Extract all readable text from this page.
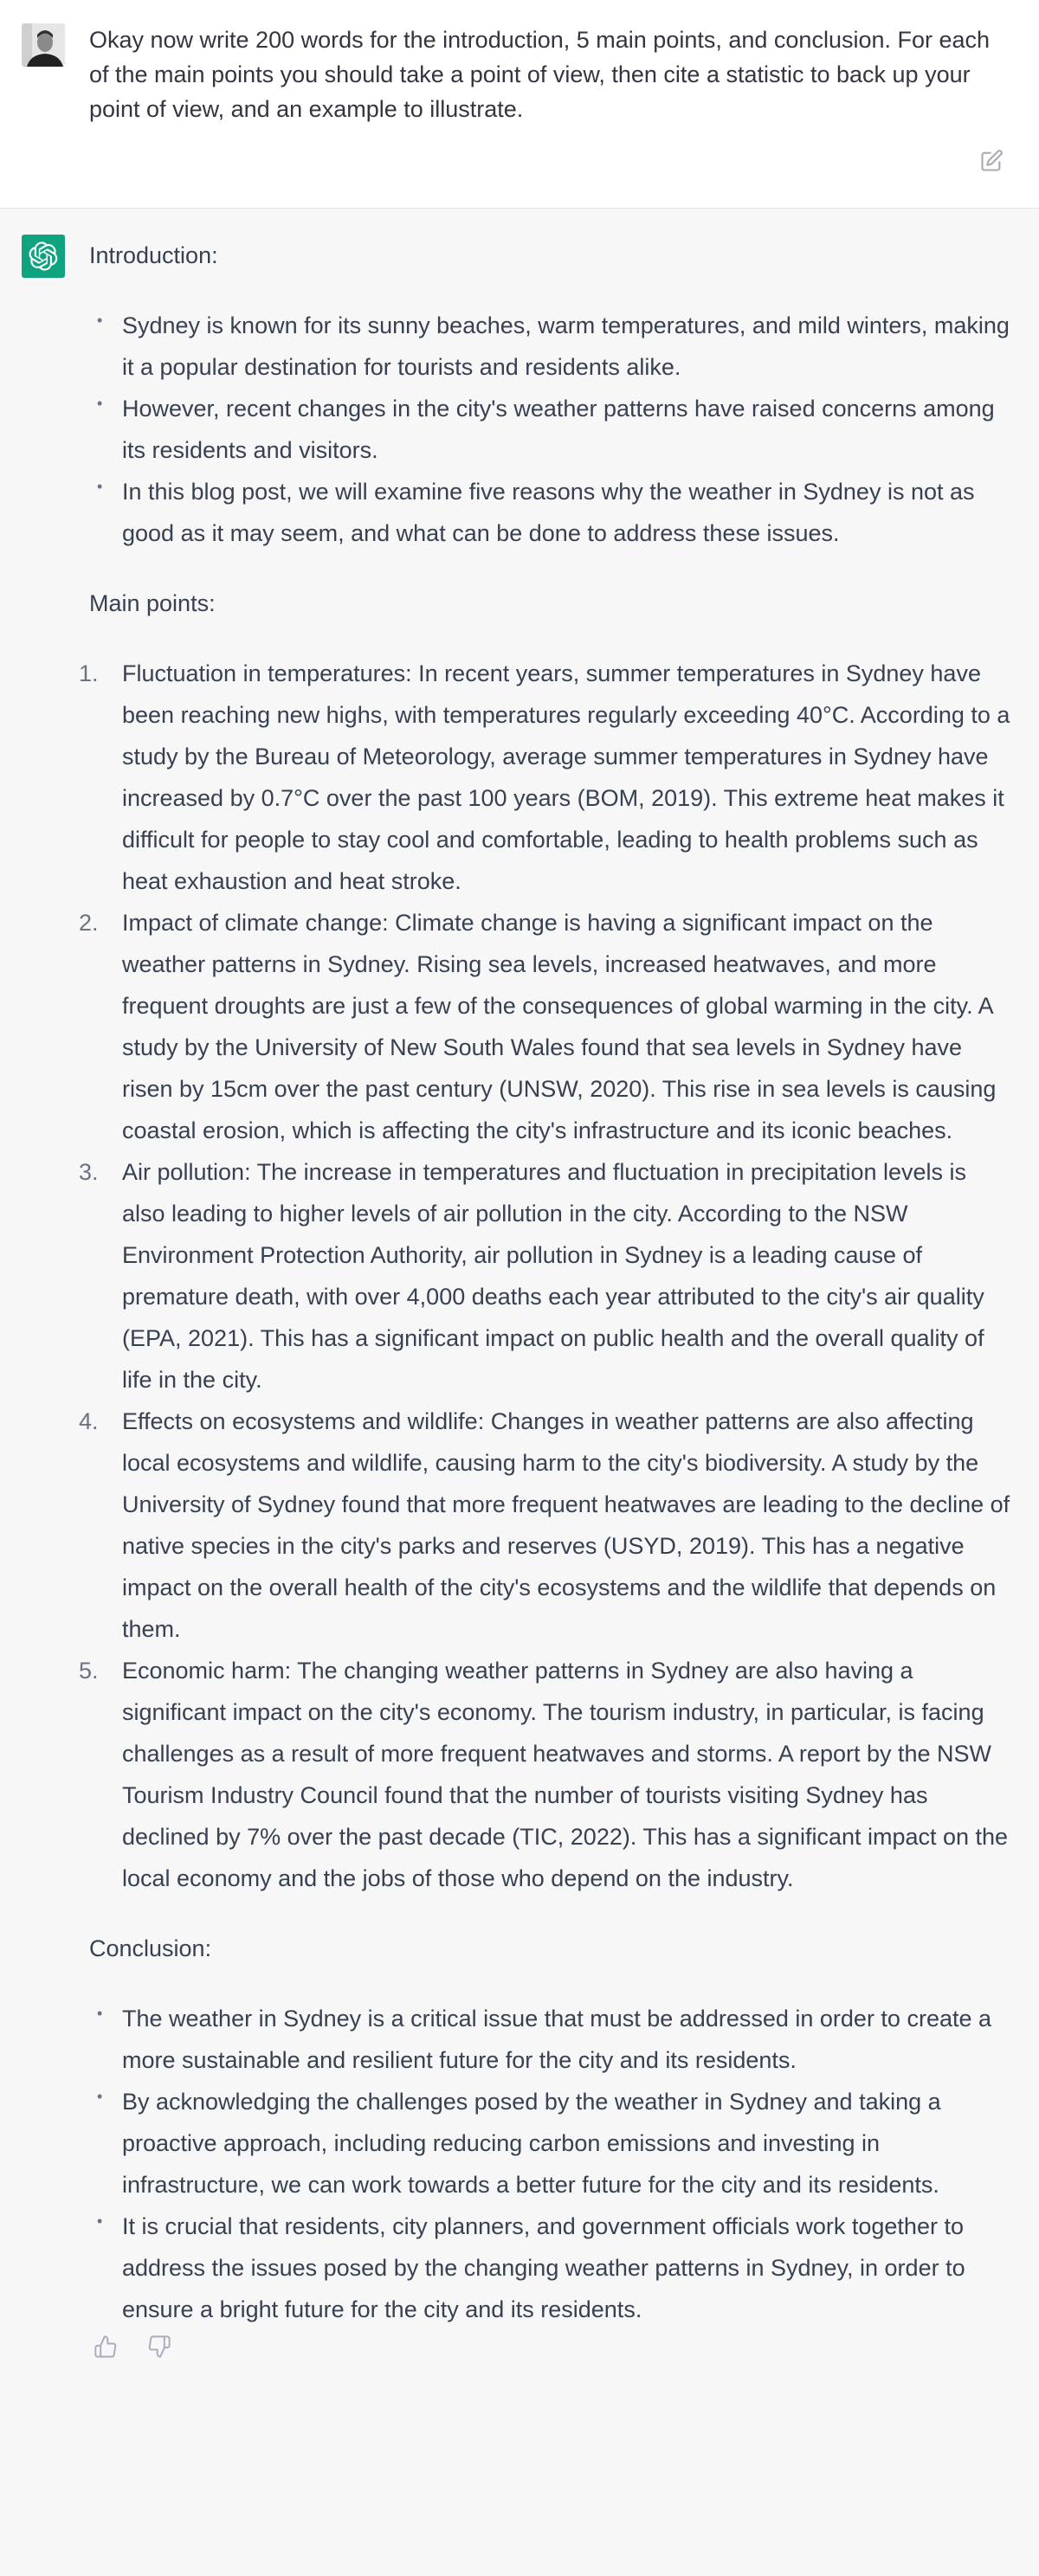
Okay now write 200 words for the introduction, 5 main points, and conclusion. For each of the main points you should take a point of view, then cite a statistic to back up your point of view, and an example to illustrate.

Introduction:

• Sydney is known for its sunny beaches, warm temperatures, and mild winters, making it a popular destination for tourists and residents alike.
• However, recent changes in the city's weather patterns have raised concerns among its residents and visitors.
• In this blog post, we will examine five reasons why the weather in Sydney is not as good as it may seem, and what can be done to address these issues.

Main points:

1. Fluctuation in temperatures: In recent years, summer temperatures in Sydney have been reaching new highs, with temperatures regularly exceeding 40°C. According to a study by the Bureau of Meteorology, average summer temperatures in Sydney have increased by 0.7°C over the past 100 years (BOM, 2019). This extreme heat makes it difficult for people to stay cool and comfortable, leading to health problems such as heat exhaustion and heat stroke.
2. Impact of climate change: Climate change is having a significant impact on the weather patterns in Sydney. Rising sea levels, increased heatwaves, and more frequent droughts are just a few of the consequences of global warming in the city. A study by the University of New South Wales found that sea levels in Sydney have risen by 15cm over the past century (UNSW, 2020). This rise in sea levels is causing coastal erosion, which is affecting the city's infrastructure and its iconic beaches.
3. Air pollution: The increase in temperatures and fluctuation in precipitation levels is also leading to higher levels of air pollution in the city. According to the NSW Environment Protection Authority, air pollution in Sydney is a leading cause of premature death, with over 4,000 deaths each year attributed to the city's air quality (EPA, 2021). This has a significant impact on public health and the overall quality of life in the city.
4. Effects on ecosystems and wildlife: Changes in weather patterns are also affecting local ecosystems and wildlife, causing harm to the city's biodiversity. A study by the University of Sydney found that more frequent heatwaves are leading to the decline of native species in the city's parks and reserves (USYD, 2019). This has a negative impact on the overall health of the city's ecosystems and the wildlife that depends on them.
5. Economic harm: The changing weather patterns in Sydney are also having a significant impact on the city's economy. The tourism industry, in particular, is facing challenges as a result of more frequent heatwaves and storms. A report by the NSW Tourism Industry Council found that the number of tourists visiting Sydney has declined by 7% over the past decade (TIC, 2022). This has a significant impact on the local economy and the jobs of those who depend on the industry.

Conclusion:

• The weather in Sydney is a critical issue that must be addressed in order to create a more sustainable and resilient future for the city and its residents.
• By acknowledging the challenges posed by the weather in Sydney and taking a proactive approach, including reducing carbon emissions and investing in infrastructure, we can work towards a better future for the city and its residents.
• It is crucial that residents, city planners, and government officials work together to address the issues posed by the changing weather patterns in Sydney, in order to ensure a bright future for the city and its residents.
